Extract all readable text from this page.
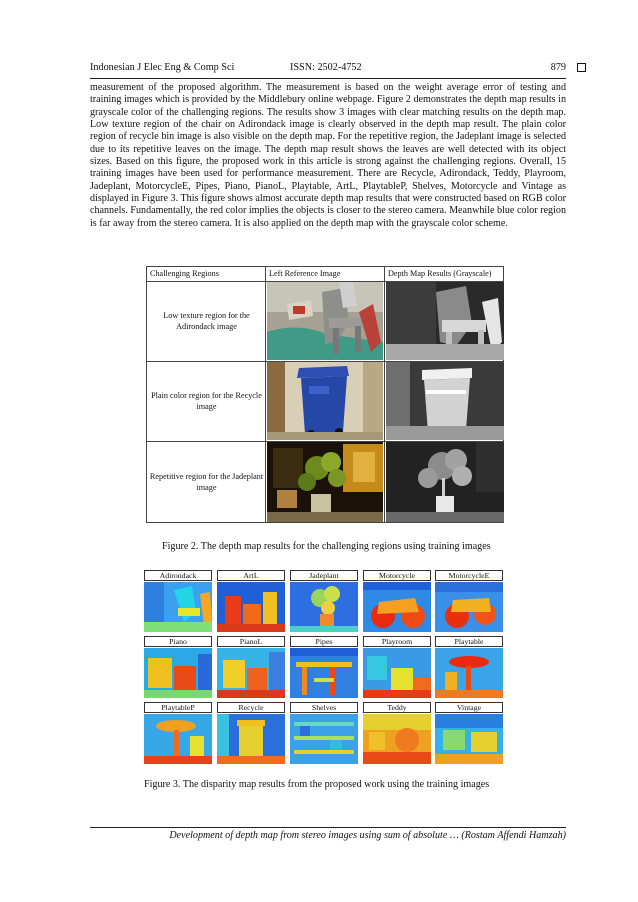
Indonesian J Elec Eng & Comp Sci	ISSN: 2502-4752	879

measurement of the proposed algorithm. The measurement is based on the weight average error of testing and training images which is provided by the Middlebury online webpage. Figure 2 demonstrates the depth map results in grayscale color of the challenging regions. The results show 3 images with clear matching results on the depth map. Low texture region of the chair on Adirondack image is clearly observed in the depth map result. The plain color region of recycle bin image is also visible on the depth map. For the repetitive region, the Jadeplant image is selected due to its repetitive leaves on the image. The depth map result shows the leaves are well detected with its object sizes. Based on this figure, the proposed work in this article is strong against the challenging regions. Overall, 15 training images have been used for performance measurement. There are Recycle, Adirondack, Teddy, Playroom, Jadeplant, MotorcycleE, Pipes, Piano, PianoL, Playtable, ArtL, PlaytableP, Shelves, Motorcycle and Vintage as displayed in Figure 3. This figure shows almost accurate depth map results that were constructed based on RGB color channels. Fundamentally, the red color implies the objects is closer to the stereo camera. Meanwhile blue color region is far away from the stereo camera. It is also applied on the depth map with the grayscale color scheme.

Challenging Regions	Left Reference Image	Depth Map Results (Grayscale)
Low texture region for the Adirondack image
Plain color region for the Recycle image
Repetitive region for the Jadeplant image
Figure 2. The depth map results for the challenging regions using training images
Adirondack	ArtL	Jadeplant	Motorcycle	MotorcycleE
Piano	PianoL	Pipes	Playroom	Playtable
PlaytableP	Recycle	Shelves	Teddy	Vintage
Figure 3. The disparity map results from the proposed work using the training images
Development of depth map from stereo images using sum of absolute … (Rostam Affendi Hamzah)
